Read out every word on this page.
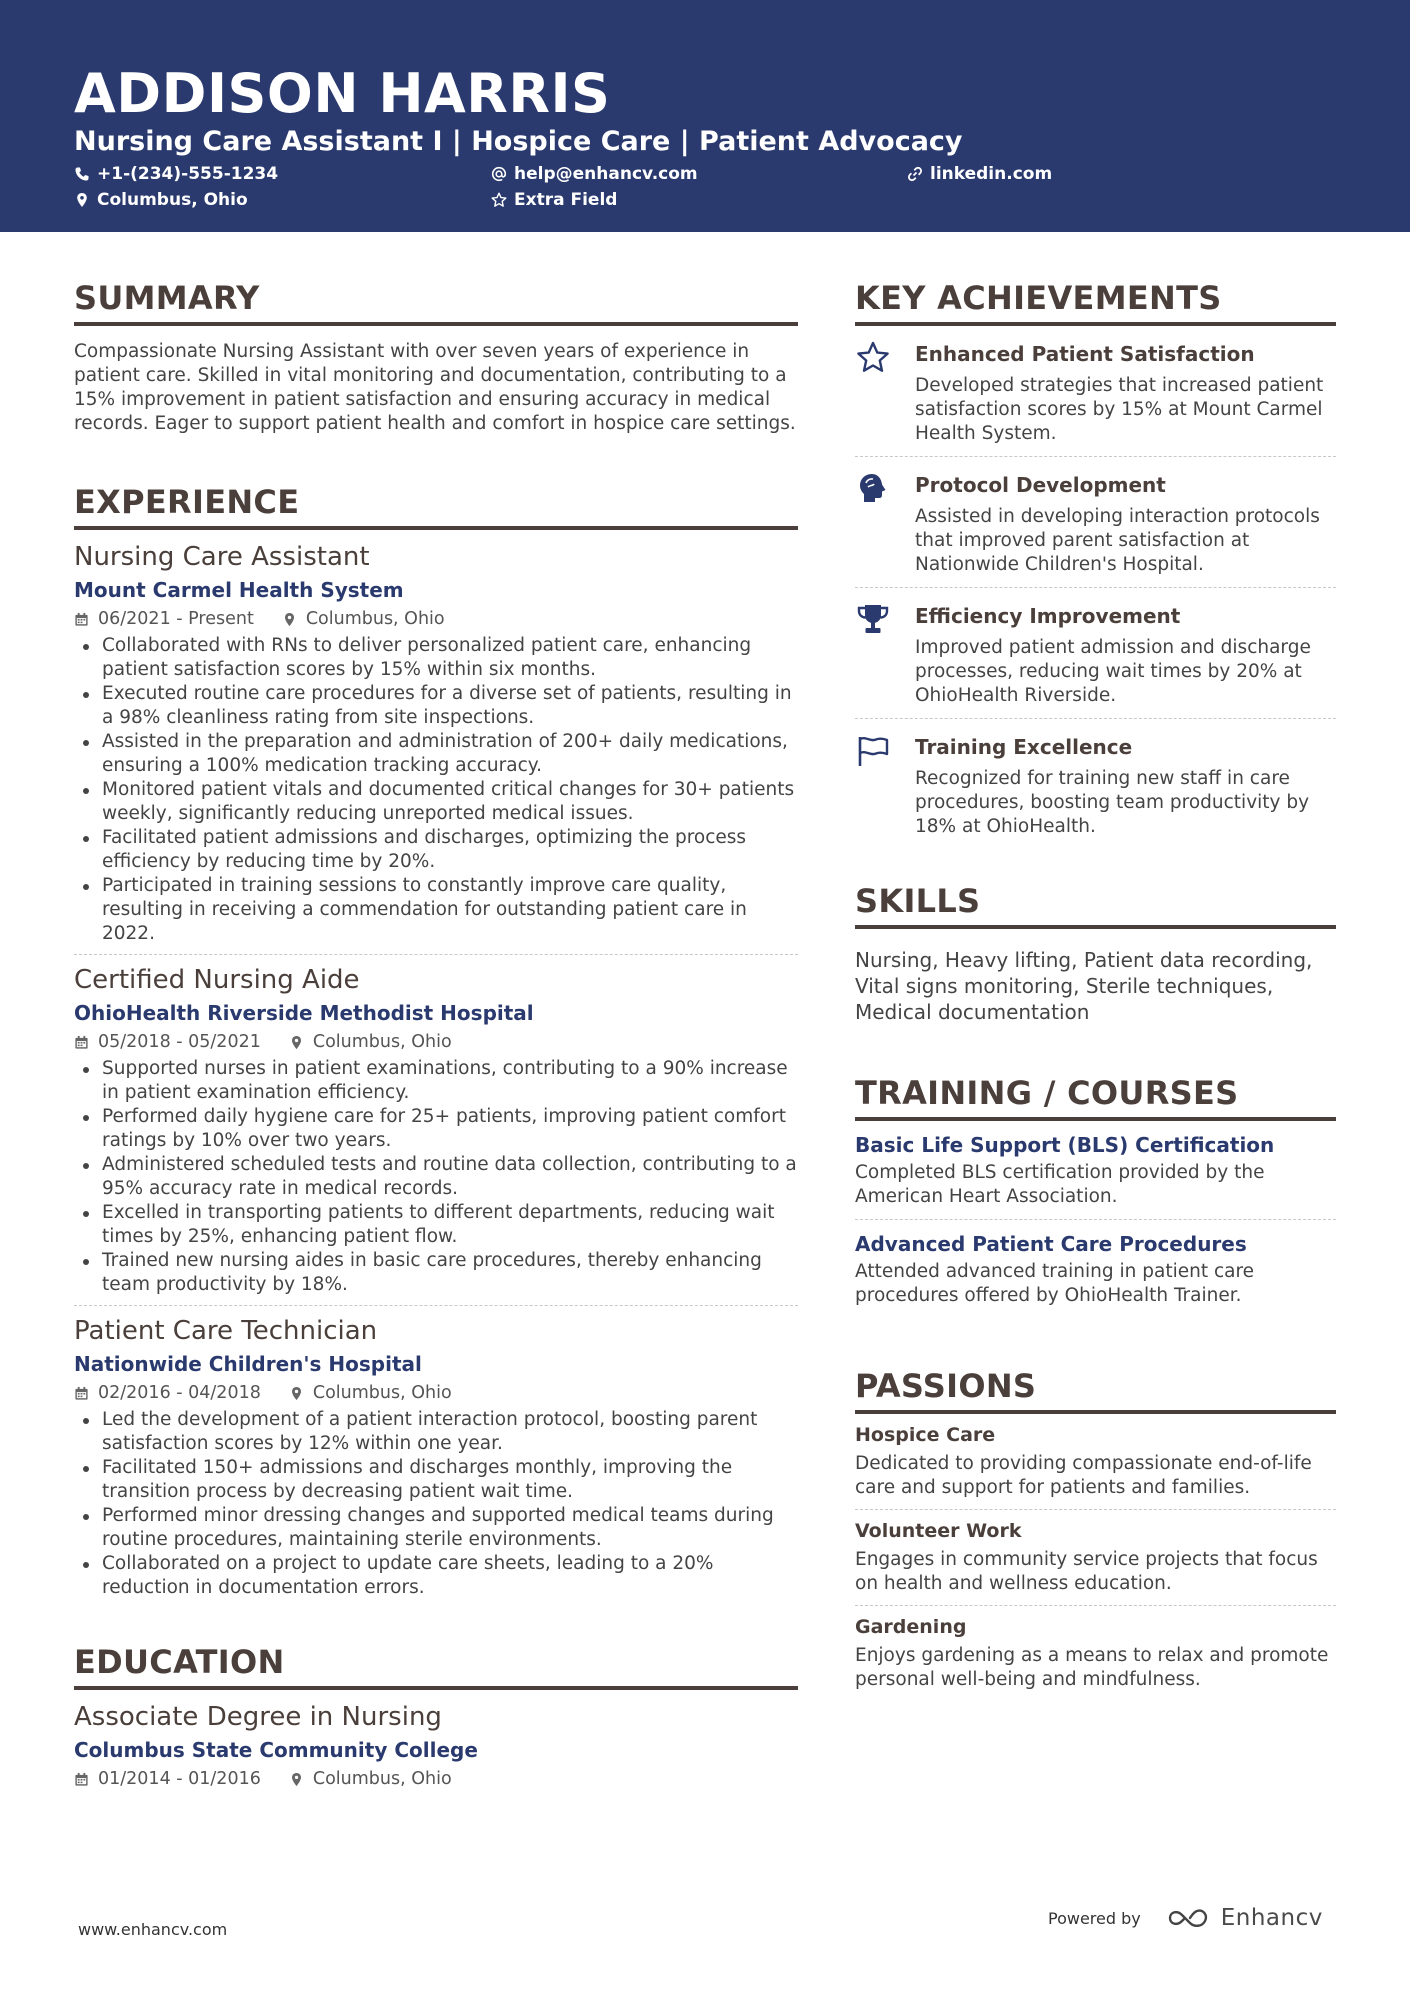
ADDISON HARRIS
Nursing Care Assistant I | Hospice Care | Patient Advocacy
+1-(234)-555-1234	help@enhancv.com	linkedin.com
Columbus, Ohio	Extra Field
SUMMARY
Compassionate Nursing Assistant with over seven years of experience in patient care. Skilled in vital monitoring and documentation, contributing to a 15% improvement in patient satisfaction and ensuring accuracy in medical records. Eager to support patient health and comfort in hospice care settings.
EXPERIENCE
Nursing Care Assistant
Mount Carmel Health System
06/2021 - Present	Columbus, Ohio
Collaborated with RNs to deliver personalized patient care, enhancing patient satisfaction scores by 15% within six months.
Executed routine care procedures for a diverse set of patients, resulting in a 98% cleanliness rating from site inspections.
Assisted in the preparation and administration of 200+ daily medications, ensuring a 100% medication tracking accuracy.
Monitored patient vitals and documented critical changes for 30+ patients weekly, significantly reducing unreported medical issues.
Facilitated patient admissions and discharges, optimizing the process efficiency by reducing time by 20%.
Participated in training sessions to constantly improve care quality, resulting in receiving a commendation for outstanding patient care in 2022.
Certified Nursing Aide
OhioHealth Riverside Methodist Hospital
05/2018 - 05/2021	Columbus, Ohio
Supported nurses in patient examinations, contributing to a 90% increase in patient examination efficiency.
Performed daily hygiene care for 25+ patients, improving patient comfort ratings by 10% over two years.
Administered scheduled tests and routine data collection, contributing to a 95% accuracy rate in medical records.
Excelled in transporting patients to different departments, reducing wait times by 25%, enhancing patient flow.
Trained new nursing aides in basic care procedures, thereby enhancing team productivity by 18%.
Patient Care Technician
Nationwide Children's Hospital
02/2016 - 04/2018	Columbus, Ohio
Led the development of a patient interaction protocol, boosting parent satisfaction scores by 12% within one year.
Facilitated 150+ admissions and discharges monthly, improving the transition process by decreasing patient wait time.
Performed minor dressing changes and supported medical teams during routine procedures, maintaining sterile environments.
Collaborated on a project to update care sheets, leading to a 20% reduction in documentation errors.
EDUCATION
Associate Degree in Nursing
Columbus State Community College
01/2014 - 01/2016	Columbus, Ohio
KEY ACHIEVEMENTS
Enhanced Patient Satisfaction
Developed strategies that increased patient satisfaction scores by 15% at Mount Carmel Health System.
Protocol Development
Assisted in developing interaction protocols that improved parent satisfaction at Nationwide Children's Hospital.
Efficiency Improvement
Improved patient admission and discharge processes, reducing wait times by 20% at OhioHealth Riverside.
Training Excellence
Recognized for training new staff in care procedures, boosting team productivity by 18% at OhioHealth.
SKILLS
Nursing, Heavy lifting, Patient data recording, Vital signs monitoring, Sterile techniques, Medical documentation
TRAINING / COURSES
Basic Life Support (BLS) Certification
Completed BLS certification provided by the American Heart Association.
Advanced Patient Care Procedures
Attended advanced training in patient care procedures offered by OhioHealth Trainer.
PASSIONS
Hospice Care
Dedicated to providing compassionate end-of-life care and support for patients and families.
Volunteer Work
Engages in community service projects that focus on health and wellness education.
Gardening
Enjoys gardening as a means to relax and promote personal well-being and mindfulness.
www.enhancv.com
Powered by	Enhancv
